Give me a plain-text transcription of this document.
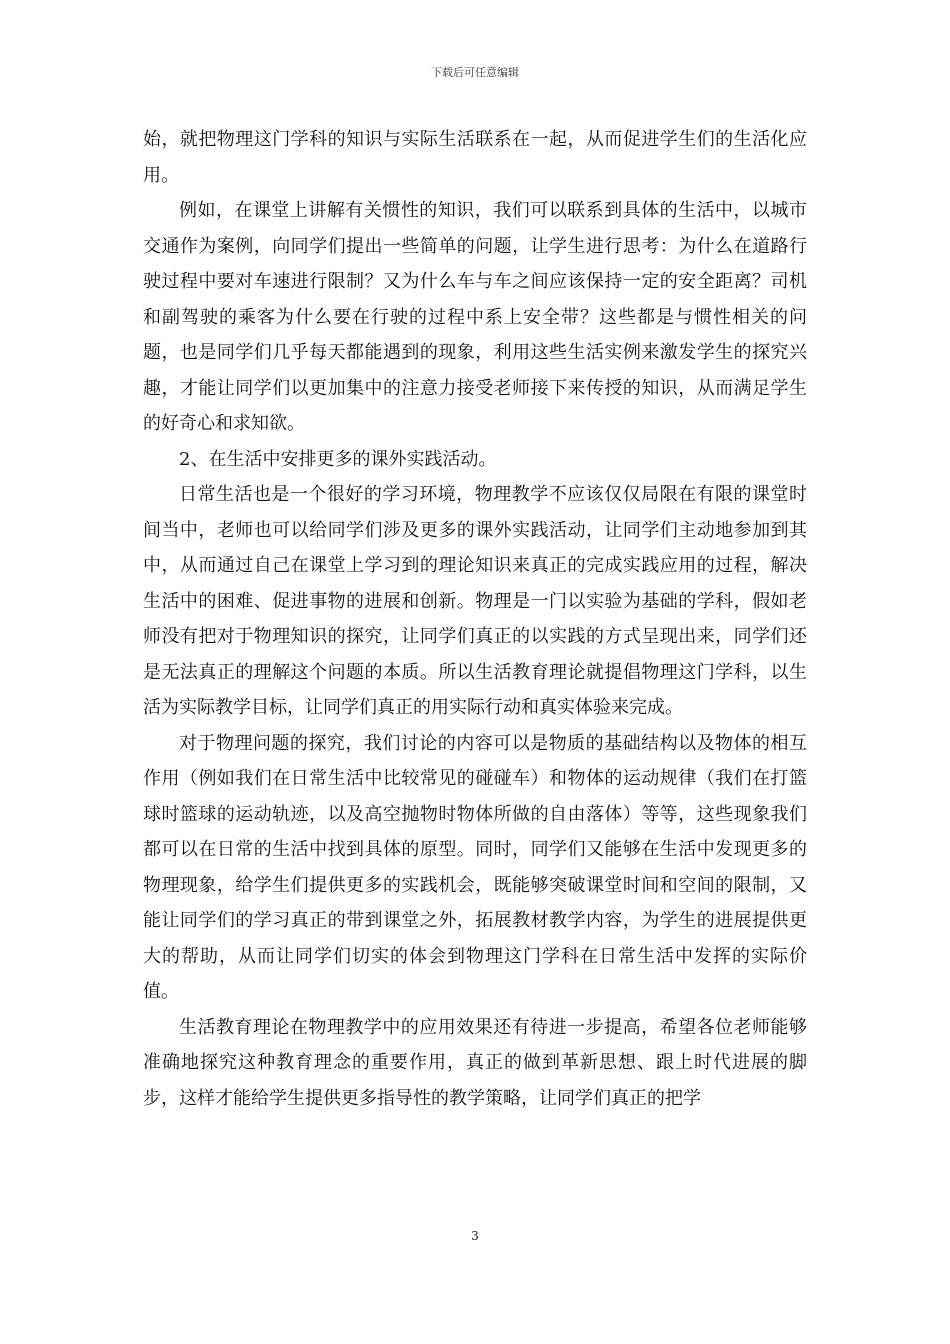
下载后可任意编辑

始，就把物理这门学科的知识与实际生活联系在一起，从而促进学生们的生活化应用。

例如，在课堂上讲解有关惯性的知识，我们可以联系到具体的生活中，以城市交通作为案例，向同学们提出一些简单的问题，让学生进行思考：为什么在道路行驶过程中要对车速进行限制？又为什么车与车之间应该保持一定的安全距离？司机和副驾驶的乘客为什么要在行驶的过程中系上安全带？这些都是与惯性相关的问题，也是同学们几乎每天都能遇到的现象，利用这些生活实例来激发学生的探究兴趣，才能让同学们以更加集中的注意力接受老师接下来传授的知识，从而满足学生的好奇心和求知欲。

2、在生活中安排更多的课外实践活动。

日常生活也是一个很好的学习环境，物理教学不应该仅仅局限在有限的课堂时间当中，老师也可以给同学们涉及更多的课外实践活动，让同学们主动地参加到其中，从而通过自己在课堂上学习到的理论知识来真正的完成实践应用的过程，解决生活中的困难、促进事物的进展和创新。物理是一门以实验为基础的学科，假如老师没有把对于物理知识的探究，让同学们真正的以实践的方式呈现出来，同学们还是无法真正的理解这个问题的本质。所以生活教育理论就提倡物理这门学科，以生活为实际教学目标，让同学们真正的用实际行动和真实体验来完成。

对于物理问题的探究，我们讨论的内容可以是物质的基础结构以及物体的相互作用（例如我们在日常生活中比较常见的碰碰车）和物体的运动规律（我们在打篮球时篮球的运动轨迹，以及高空抛物时物体所做的自由落体）等等，这些现象我们都可以在日常的生活中找到具体的原型。同时，同学们又能够在生活中发现更多的物理现象，给学生们提供更多的实践机会，既能够突破课堂时间和空间的限制，又能让同学们的学习真正的带到课堂之外，拓展教材教学内容，为学生的进展提供更大的帮助，从而让同学们切实的体会到物理这门学科在日常生活中发挥的实际价值。

生活教育理论在物理教学中的应用效果还有待进一步提高，希望各位老师能够准确地探究这种教育理念的重要作用，真正的做到革新思想、跟上时代进展的脚步，这样才能给学生提供更多指导性的教学策略，让同学们真正的把学

3
